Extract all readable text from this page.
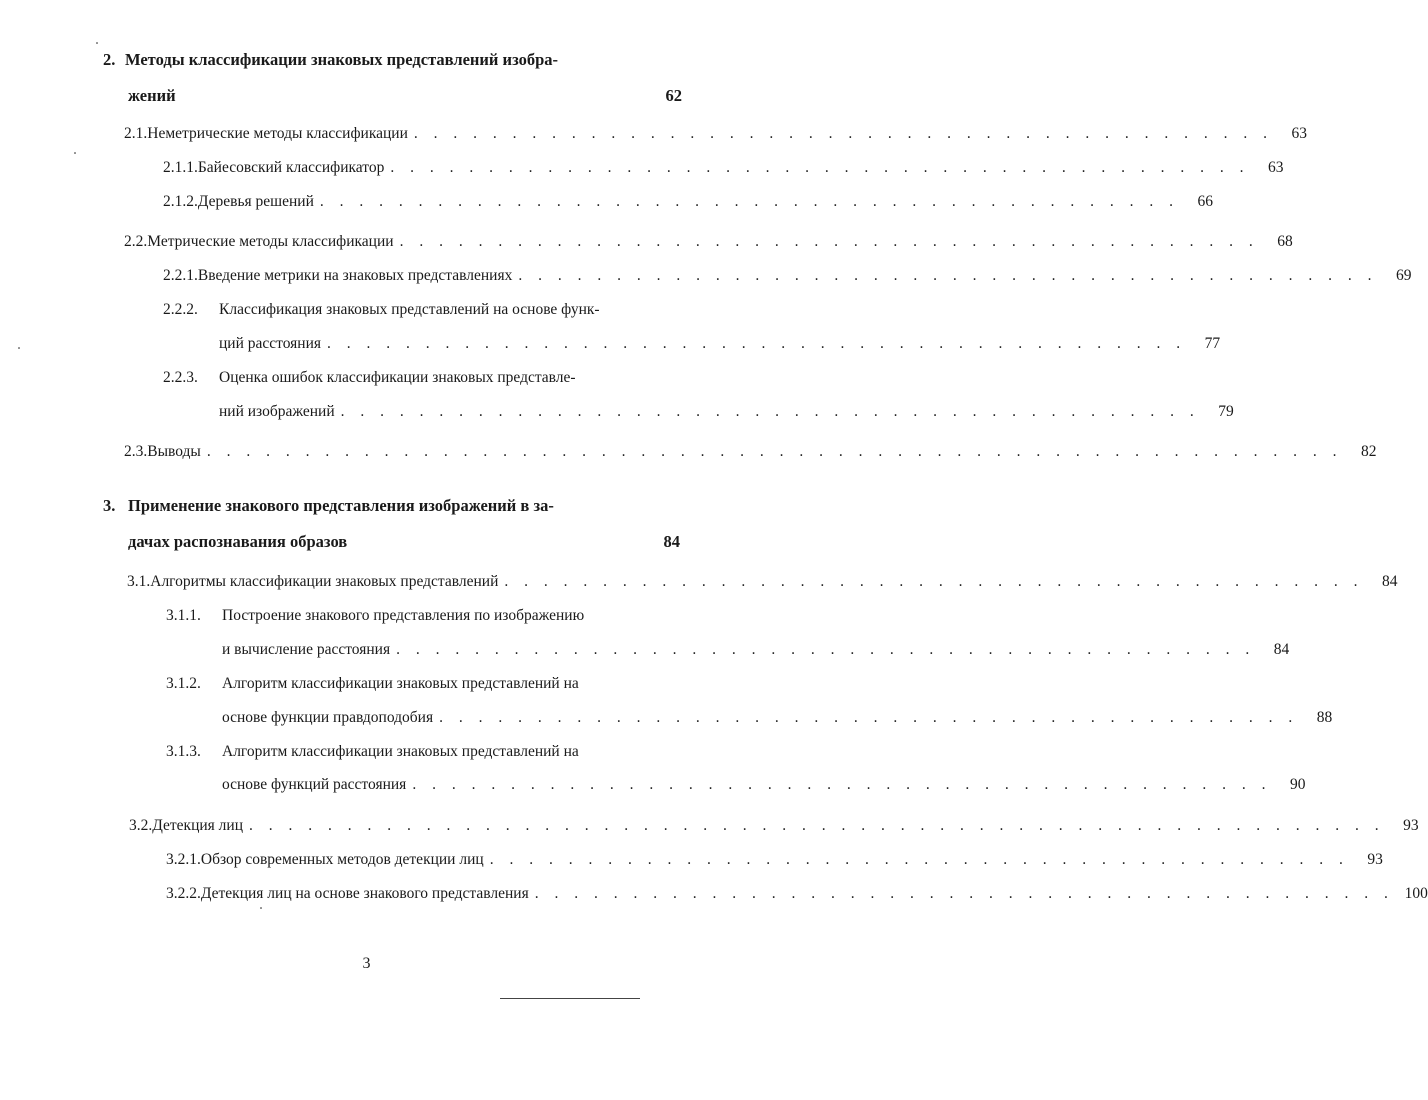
2. Методы классификации знаковых представлений изобра-
жений	62
2.1. Неметрические методы классификации . . . . . . . . . . . . . . . . . . . . . . . . . . . . . . . . . . . . . . . . . . . .	63
2.1.1. Байесовский классификатор . . . . . . . . . . . . . . . . . . . . . . . . . . . . . . . . . . . . . . . . . . . .	63
2.1.2. Деревья решений . . . . . . . . . . . . . . . . . . . . . . . . . . . . . . . . . . . . . . . . . . . .	66
2.2. Метрические методы классификации . . . . . . . . . . . . . . . . . . . . . . . . . . . . . . . . . . . . . . . . . . . .	68
2.2.1. Введение метрики на знаковых представлениях . . . . . . . . . . . . . . . . . . . . . . . . . . . . . . . . . . . . . . . . . . . .	69
2.2.2.	Классификация знаковых представлений на основе функ-
ций расстояния . . . . . . . . . . . . . . . . . . . . . . . . . . . . . . . . . . . . . . . . . . . .	77
2.2.3.	Оценка ошибок классификации знаковых представле-
ний изображений . . . . . . . . . . . . . . . . . . . . . . . . . . . . . . . . . . . . . . . . . . . .	79
2.3. Выводы . . . . . . . . . . . . . . . . . . . . . . . . . . . . . . . . . . . . . . . . . . . . . . . . . . . . . . . . . .	82
3. Применение знакового представления изображений в за-
дачах распознавания образов	84
3.1. Алгоритмы классификации знаковых представлений . . . . . . . . . . . . . . . . . . . . . . . . . . . . . . . . . . . . . . . . . . . .	84
3.1.1.	Построение знакового представления по изображению
и вычисление расстояния . . . . . . . . . . . . . . . . . . . . . . . . . . . . . . . . . . . . . . . . . . . .	84
3.1.2.	Алгоритм классификации знаковых представлений на
основе функции правдоподобия . . . . . . . . . . . . . . . . . . . . . . . . . . . . . . . . . . . . . . . . . . . .	88
3.1.3.	Алгоритм классификации знаковых представлений на
основе функций расстояния . . . . . . . . . . . . . . . . . . . . . . . . . . . . . . . . . . . . . . . . . . . .	90
3.2. Детекция лиц . . . . . . . . . . . . . . . . . . . . . . . . . . . . . . . . . . . . . . . . . . . . . . . . . . . . . . . . . .	93
3.2.1. Обзор современных методов детекции лиц . . . . . . . . . . . . . . . . . . . . . . . . . . . . . . . . . . . . . . . . . . . .	93
3.2.2. Детекция лиц на основе знакового представления . . . . . . . . . . . . . . . . . . . . . . . . . . . . . . . . . . . . . . . . . . . . 100
3
